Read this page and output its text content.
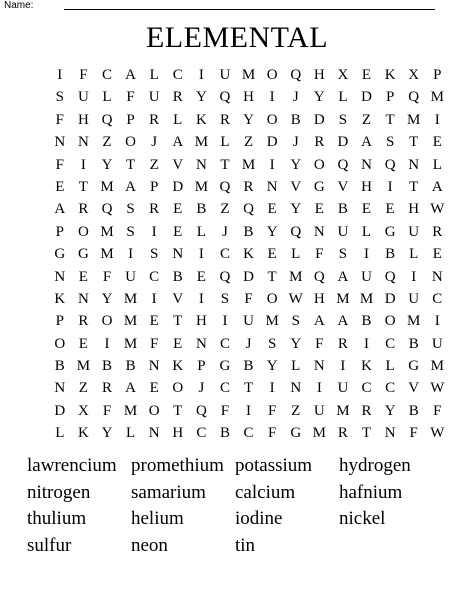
Name:
ELEMENTAL
I	F C A L C	I	U M O Q H X E K X P
S U L F U R Y Q H	I	J	Y L D P Q M
F H Q P R L K R Y O B D S Z T M I
N N Z O	J	A M L Z D	J	R D A S T E
F	I	Y T Z V N T M I	Y O Q N Q N L
E T M A P D M Q R N V G V H	I	T A
A R Q S R E B Z Q E Y E B E E H W
P O M S	I	E L	J	B Y Q N U L G U R
G G M I	S N	I	C K E L F	S	I	B L E
N E F U C B E Q D T M Q A U Q	I	N
K N Y M I	V	I	S	F O W H M M D U C
P R O M E T H	I	U M S A A B O M I
O E	I M F E N C	J	S Y F R	I	C B U
B M B B N K P G B Y L N	I	K L G M
N Z R A E O	J	C T	I	N	I	U C C V W
D X F M O T Q F	I	F Z U M R Y B F
L K Y L N H C B C F G M R T N F W
lawrencium promethium potassium	hydrogen
nitrogen	samarium	calcium	hafnium
thulium	helium	iodine	nickel
sulfur	neon	tin
